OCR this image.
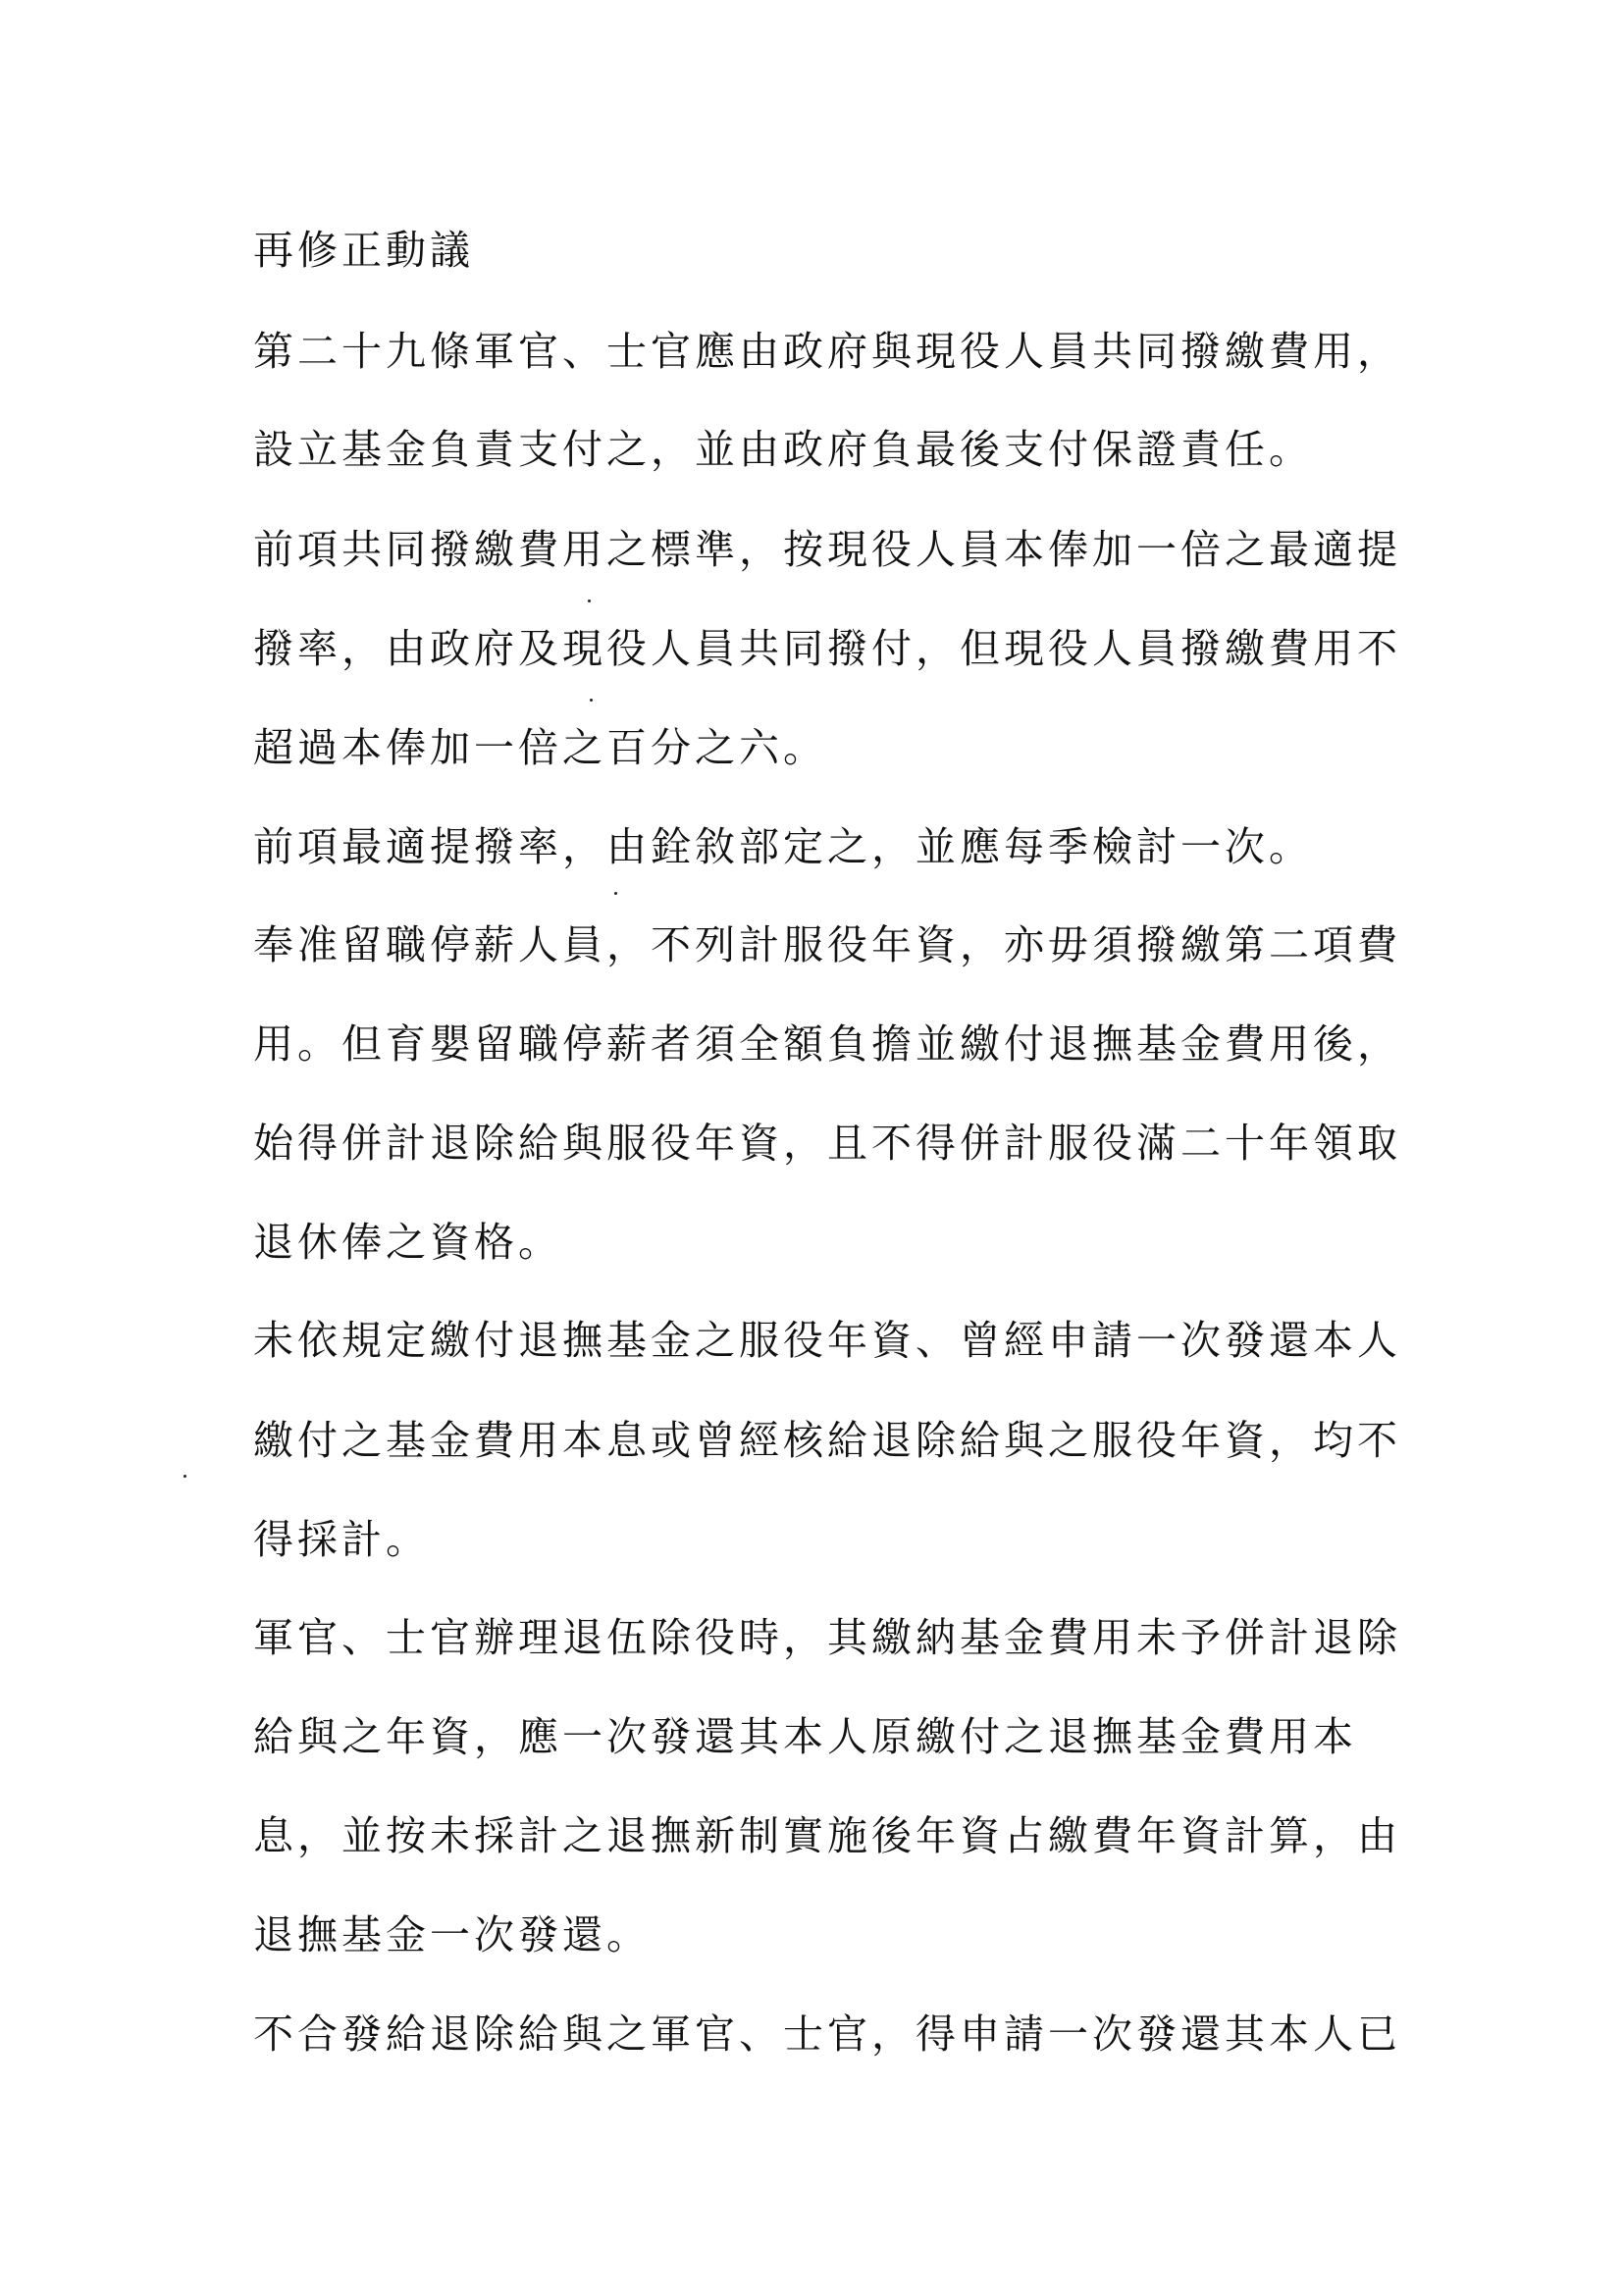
再修正動議
第二十九條軍官、士官應由政府與現役人員共同撥繳費用，
設立基金負責支付之，並由政府負最後支付保證責任。
前項共同撥繳費用之標準，按現役人員本俸加一倍之最適提
撥率，由政府及現役人員共同撥付，但現役人員撥繳費用不
超過本俸加一倍之百分之六。
前項最適提撥率，由銓敘部定之，並應每季檢討一次。
奉准留職停薪人員，不列計服役年資，亦毋須撥繳第二項費
用。但育嬰留職停薪者須全額負擔並繳付退撫基金費用後，
始得併計退除給與服役年資，且不得併計服役滿二十年領取
退休俸之資格。
未依規定繳付退撫基金之服役年資、曾經申請一次發還本人
繳付之基金費用本息或曾經核給退除給與之服役年資，均不
得採計。
軍官、士官辦理退伍除役時，其繳納基金費用未予併計退除
給與之年資，應一次發還其本人原繳付之退撫基金費用本
息，並按未採計之退撫新制實施後年資占繳費年資計算，由
退撫基金一次發還。
不合發給退除給與之軍官、士官，得申請一次發還其本人已
